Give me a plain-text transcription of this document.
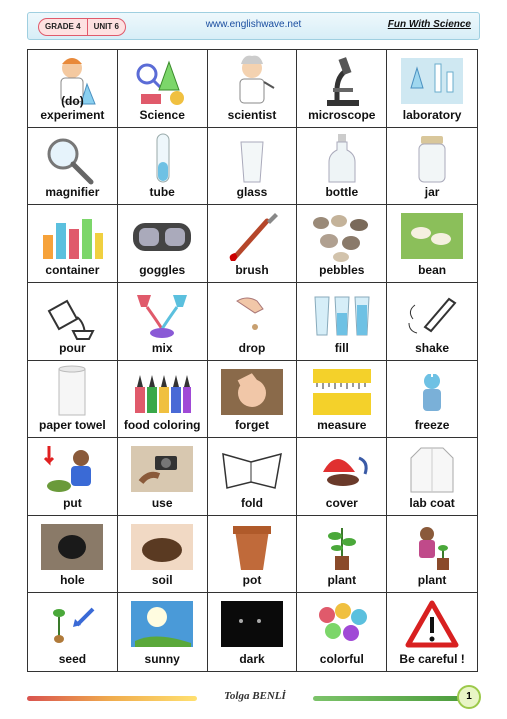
GRADE 4	UNIT 6	www.englishwave.net	Fun With Science
(do) experiment	Science	scientist	microscope	laboratory
magnifier	tube	glass	bottle	jar
container	goggles	brush	pebbles	bean
pour	mix	drop	fill	shake
paper towel	food coloring	forget	measure	freeze
put	use	fold	cover	lab coat
hole	soil	pot	plant	plant
seed	sunny	dark	colorful	Be careful !
Tolga BENLİ	1
